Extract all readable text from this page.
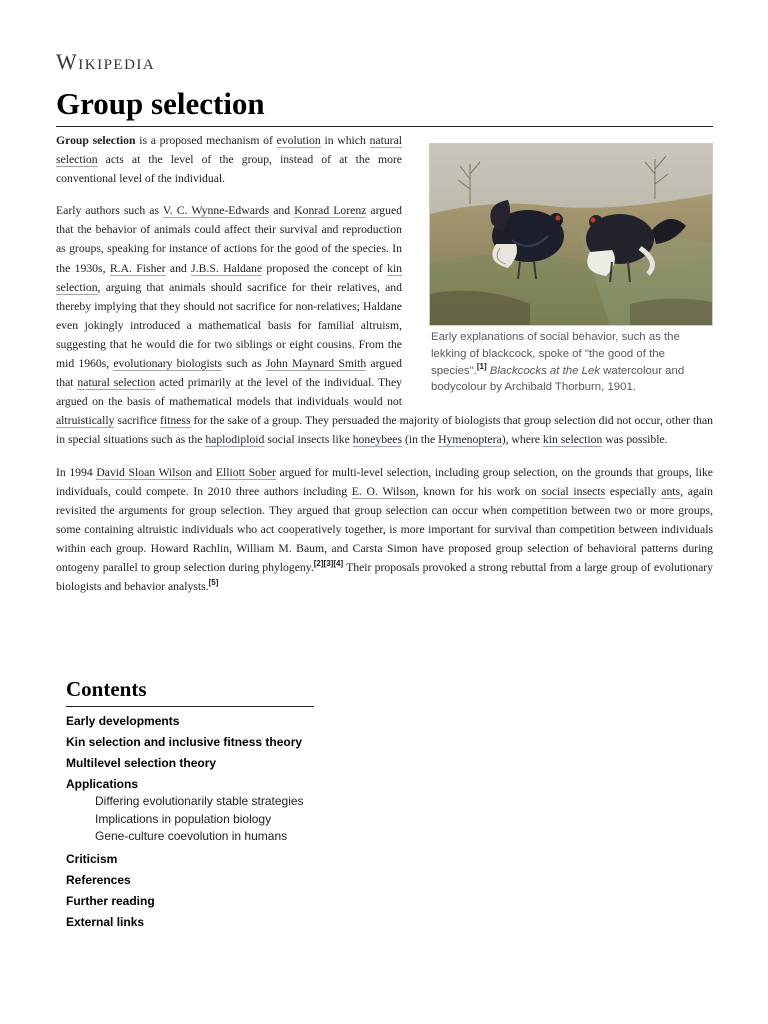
Wikipedia
Group selection
Early explanations of social behavior, such as the lekking of blackcock, spoke of "the good of the species".[1] Blackcocks at the Lek watercolour and bodycolour by Archibald Thorburn, 1901.

Group selection is a proposed mechanism of evolution in which natural selection acts at the level of the group, instead of at the more conventional level of the individual.

Early authors such as V. C. Wynne-Edwards and Konrad Lorenz argued that the behavior of animals could affect their survival and reproduction as groups, speaking for instance of actions for the good of the species. In the 1930s, R.A. Fisher and J.B.S. Haldane proposed the concept of kin selection, arguing that animals should sacrifice for their relatives, and thereby implying that they should not sacrifice for non-relatives; Haldane even jokingly introduced a mathematical basis for familial altruism, suggesting that he would die for two siblings or eight cousins. From the mid 1960s, evolutionary biologists such as John Maynard Smith argued that natural selection acted primarily at the level of the individual. They argued on the basis of mathematical models that individuals would not altruistically sacrifice fitness for the sake of a group. They persuaded the majority of biologists that group selection did not occur, other than in special situations such as the haplodiploid social insects like honeybees (in the Hymenoptera), where kin selection was possible.

In 1994 David Sloan Wilson and Elliott Sober argued for multi-level selection, including group selection, on the grounds that groups, like individuals, could compete. In 2010 three authors including E. O. Wilson, known for his work on social insects especially ants, again revisited the arguments for group selection. They argued that group selection can occur when competition between two or more groups, some containing altruistic individuals who act cooperatively together, is more important for survival than competition between individuals within each group. Howard Rachlin, William M. Baum, and Carsta Simon have proposed group selection of behavioral patterns during ontogeny parallel to group selection during phylogeny.[2][3][4] Their proposals provoked a strong rebuttal from a large group of evolutionary biologists and behavior analysts.[5]

Contents
Early developments
Kin selection and inclusive fitness theory
Multilevel selection theory
Applications
Differing evolutionarily stable strategies
Implications in population biology
Gene-culture coevolution in humans
Criticism
References
Further reading
External links
